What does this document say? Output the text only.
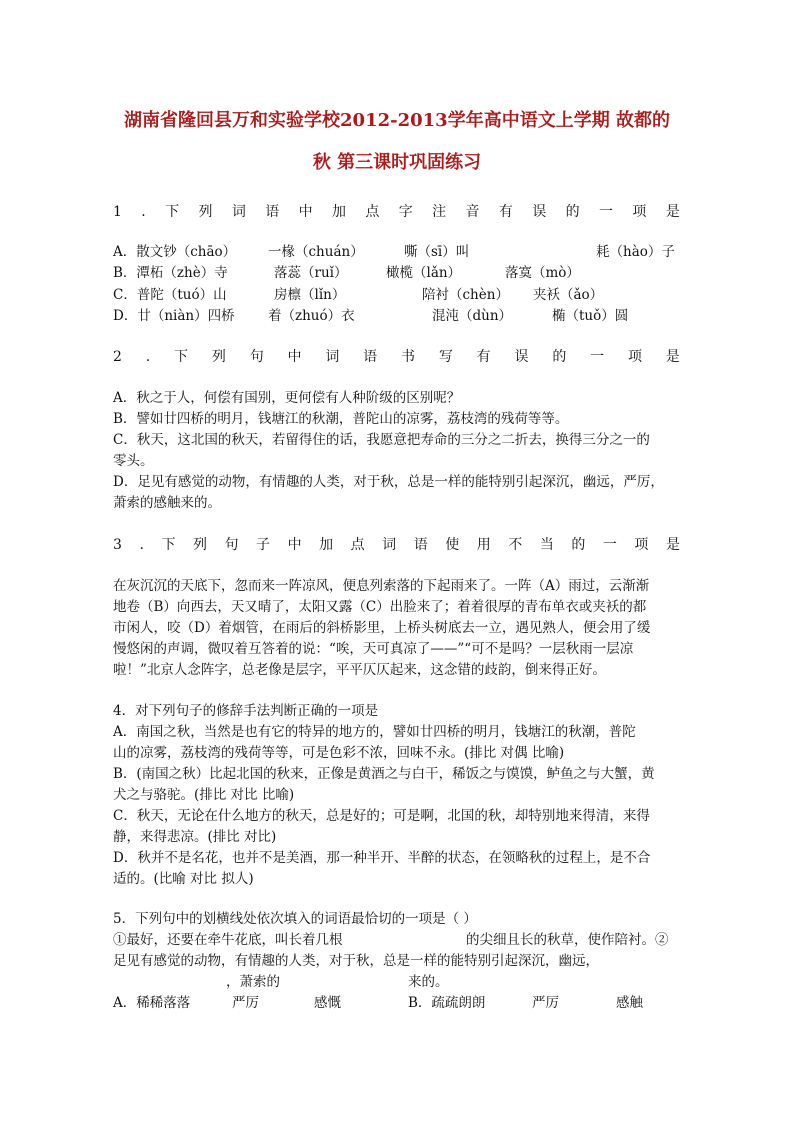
湖南省隆回县万和实验学校2012-2013学年高中语文上学期 故都的
秋 第三课时巩固练习
1 . 下 列 词 语 中 加 点 字 注 音 有 误 的 一 项 是
A．散文钞（chāo） 一椽（chuán）	嘶（sī）叫	耗（hào）子
B．潭柘（zhè）寺	落蕊（ruǐ）	橄榄（lǎn）	落寞（mò）
C．普陀（tuó）山	房檩（lǐn）	陪衬（chèn） 夹袄（ǎo）
D．廿（niàn）四桥 着（zhuó）衣	混沌（dùn）	椭（tuǒ）圆
2 . 下 列 句 中 词 语 书 写 有 误 的 一 项 是
A．秋之于人，何偿有国别，更何偿有人种阶级的区别呢？
B．譬如廿四桥的明月，钱塘江的秋潮，普陀山的凉雾，荔枝湾的残荷等等。
C．秋天，这北国的秋天，若留得住的话，我愿意把寿命的三分之二折去，换得三分之一的
零头。
D．足见有感觉的动物，有情趣的人类，对于秋，总是一样的能特别引起深沉，幽远，严厉，
萧索的感触来的。
3 . 下 列 句 子 中 加 点 词 语 使 用 不 当 的 一 项 是
在灰沉沉的天底下，忽而来一阵凉风，便息列索落的下起雨来了。一阵（A）雨过，云渐渐
地卷（B）向西去，天又晴了，太阳又露（C）出脸来了；着着很厚的青布单衣或夹袄的都
市闲人，咬（D）着烟管，在雨后的斜桥影里，上桥头树底去一立，遇见熟人，便会用了缓
慢悠闲的声调，微叹着互答着的说：“唉，天可真凉了——”“可不是吗？一层秋雨一层凉
啦！”北京人念阵字，总老像是层字，平平仄仄起来，这念错的歧韵，倒来得正好。
4．对下列句子的修辞手法判断正确的一项是
A．南国之秋，当然是也有它的特异的地方的，譬如廿四桥的明月，钱塘江的秋潮，普陀
山的凉雾，荔枝湾的残荷等等，可是色彩不浓，回味不永。(排比 对偶 比喻)
B．(南国之秋）比起北国的秋来，正像是黄酒之与白干，稀饭之与馍馍，鲈鱼之与大蟹，黄
犬之与骆驼。(排比 对比 比喻)
C．秋天，无论在什么地方的秋天，总是好的；可是啊，北国的秋，却特别地来得清，来得
静，来得悲凉。(排比 对比)
D．秋并不是名花，也并不是美酒，那一种半开、半醉的状态，在领略秋的过程上，是不合
适的。(比喻 对比 拟人)
5．下列句中的划横线处依次填入的词语最恰切的一项是（ ）
①最好，还要在牵牛花底，叫长着几根	的尖细且长的秋草，使作陪衬。②
足见有感觉的动物，有情趣的人类，对于秋，总是一样的能特别引起深沉，幽远，
，萧索的	来的。
A．稀稀落落	严厉	感慨	B．疏疏朗朗	严厉	感触
